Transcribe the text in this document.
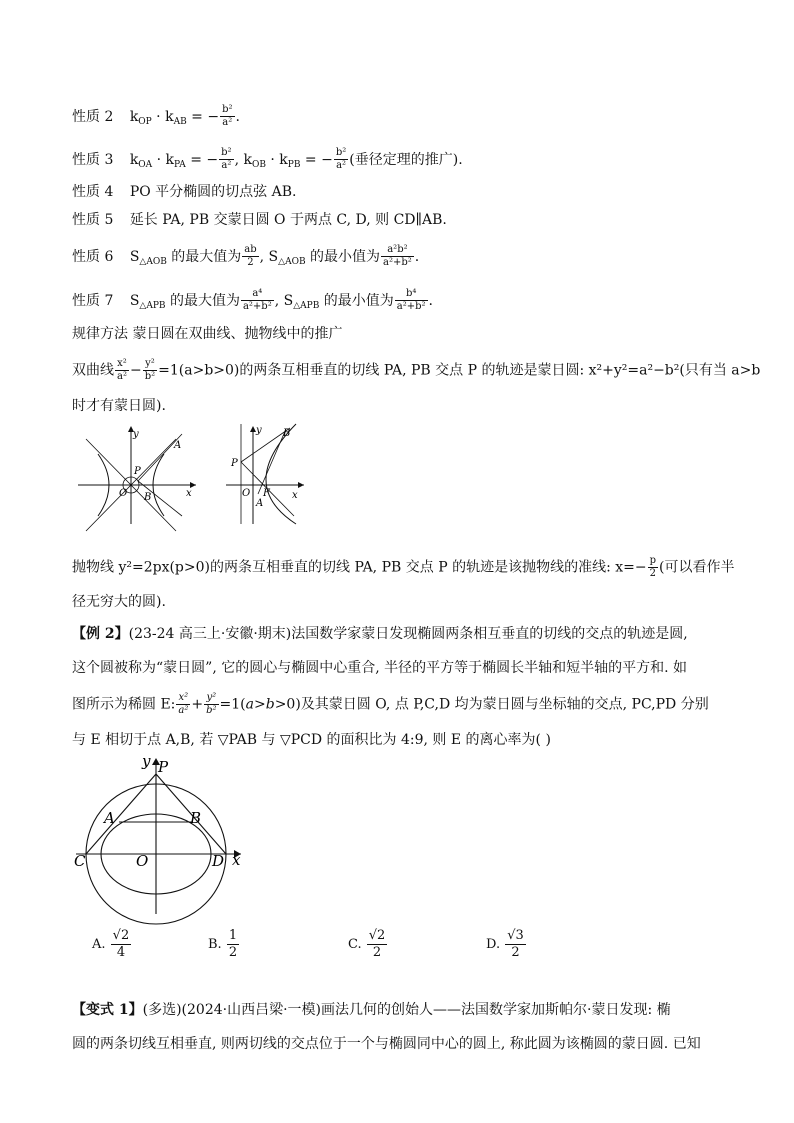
性质 2 $k_{OP} \cdot k_{AB}$ = − $\frac{\text{b²}}{\text{a²}}$ .
性质 3 $k_{OA} \cdot k_{PA}$ = − $\frac{\text{b²}}{\text{a²}}$ , $k_{OB} \cdot k_{PB}$ = − $\frac{\text{b²}}{\text{a²}}$ (垂径定理的推广).
性质 4 PO 平分椭圆的切点弦 AB.
性质 5 延长 PA, PB 交蒙日圆 O 于两点 C, D, 则 CD∥AB.
性质 6 $S_{\triangle AOB}$ 的最大值为 $\frac{ab}{2}$ , $S_{\triangle AOB}$ 的最小值为 $\frac{\text{a²b²}}{\text{a²+b²}}$ .
性质 7 $S_{\triangle APB}$ 的最大值为 $\frac{\text{a⁴}}{\text{a²+b²}}$ , $S_{\triangle APB}$ 的最小值为 $\frac{\text{b⁴}}{\text{a²+b²}}$ .
规律方法 蒙日圆在双曲线、抛物线中的推广
双曲线 $\frac{\text{x²}}{\text{a²}} - \frac{\text{y²}}{\text{b²}} =1(a>b>0)$的两条互相垂直的切线 PA, PB 交点 P 的轨迹是蒙日圆: x²+y²=a²−b²(只有当 a>b
时才有蒙日圆).
y
x
O
P
A
B
y
x
O F
P
B
A
抛物线 y²=2px(p>0)的两条互相垂直的切线 PA, PB 交点 P 的轨迹是该抛物线的准线: $x=- \frac{p}{2}$ (可以看作半
径无穷大的圆).
【例 2】(23-24 高三上·安徽·期末)法国数学家蒙日发现椭圆两条相互垂直的切线的交点的轨迹是圆,
这个圆被称为“蒙日圆”, 它的圆心与椭圆中心重合, 半径的平方等于椭圆长半轴和短半轴的平方和. 如
图所示为稀圆 E: $\frac{\text{x²}}{\text{a²}} + \frac{\text{y²}}{\text{b²}} =1(a>b>0)$及其蒙日圆 O, 点 P,C,D 均为蒙日圆与坐标轴的交点, PC,PD 分别
与 E 相切于点 A,B, 若 ▽PAB 与 ▽PCD 的面积比为 4:9, 则 E 的离心率为( )
y
x
P
A	B
C	D
O
A.
$\frac{√2}{4}$	B.
$\frac{1}{2}$	C.
$\frac{√2}{2}$	D.
$\frac{√3}{2}$
【变式 1】(多选)(2024·山西吕梁·一模)画法几何的创始人——法国数学家加斯帕尔·蒙日发现: 椭
圆的两条切线互相垂直, 则两切线的交点位于一个与椭圆同中心的圆上, 称此圆为该椭圆的蒙日圆. 已知
